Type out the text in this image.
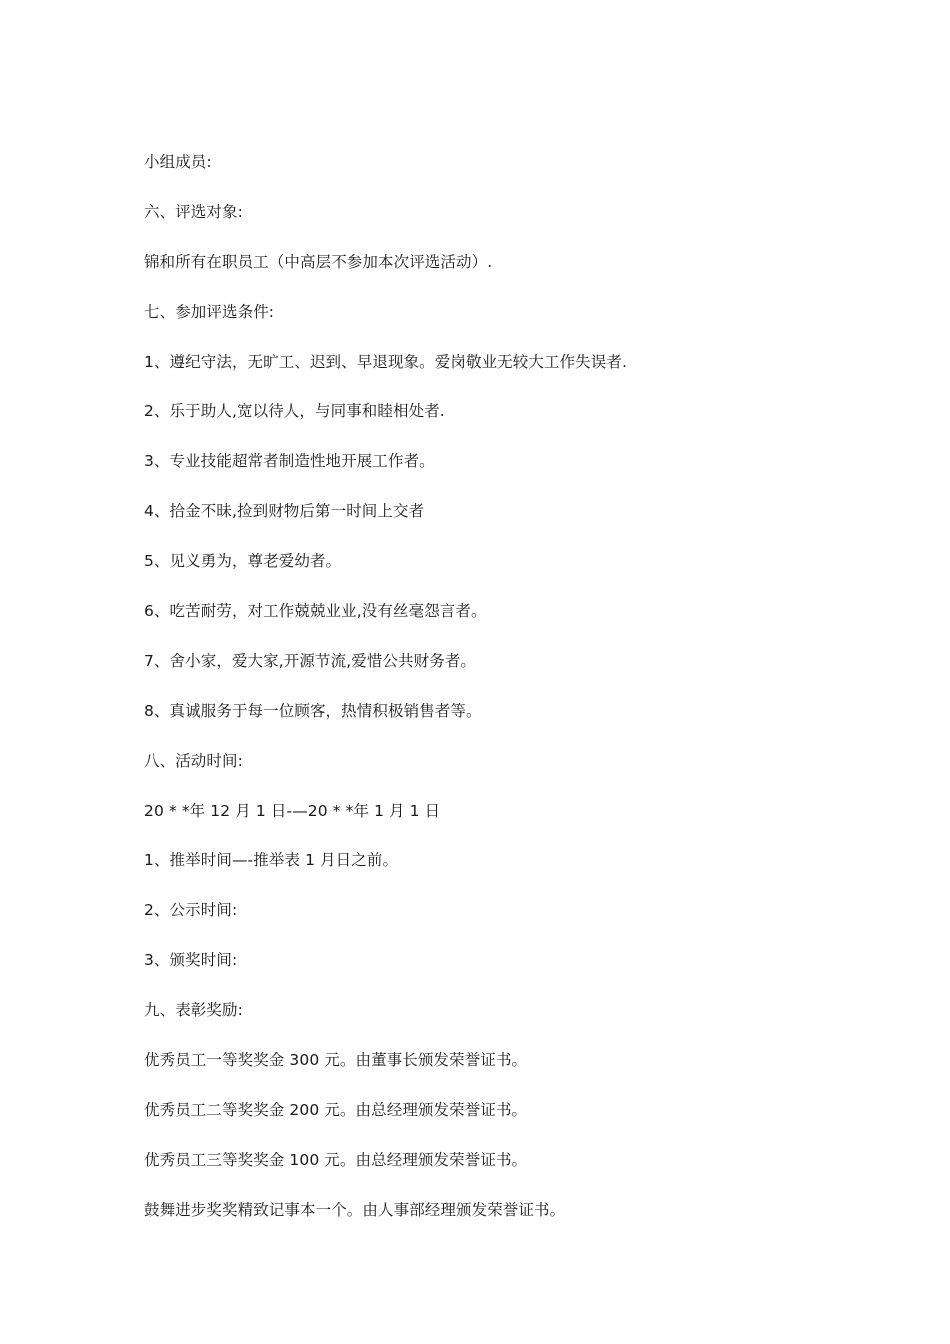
小组成员:
六、评选对象:
锦和所有在职员工（中高层不参加本次评选活动）.
七、参加评选条件:
1、遵纪守法，无旷工、迟到、早退现象。爱岗敬业无较大工作失误者.
2、乐于助人,宽以待人，与同事和睦相处者.
3、专业技能超常者制造性地开展工作者。
4、拾金不昧,捡到财物后第一时间上交者
5、见义勇为，尊老爱幼者。
6、吃苦耐劳，对工作兢兢业业,没有丝毫怨言者。
7、舍小家，爱大家,开源节流,爱惜公共财务者。
8、真诚服务于每一位顾客，热情积极销售者等。
八、活动时间:
20 * *年 12 月 1 日-—20 * *年 1 月 1 日
1、推举时间—-推举表 1 月日之前。
2、公示时间:
3、颁奖时间:
九、表彰奖励:
优秀员工一等奖奖金 300 元。由董事长颁发荣誉证书。
优秀员工二等奖奖金 200 元。由总经理颁发荣誉证书。
优秀员工三等奖奖金 100 元。由总经理颁发荣誉证书。
鼓舞进步奖奖精致记事本一个。由人事部经理颁发荣誉证书。
